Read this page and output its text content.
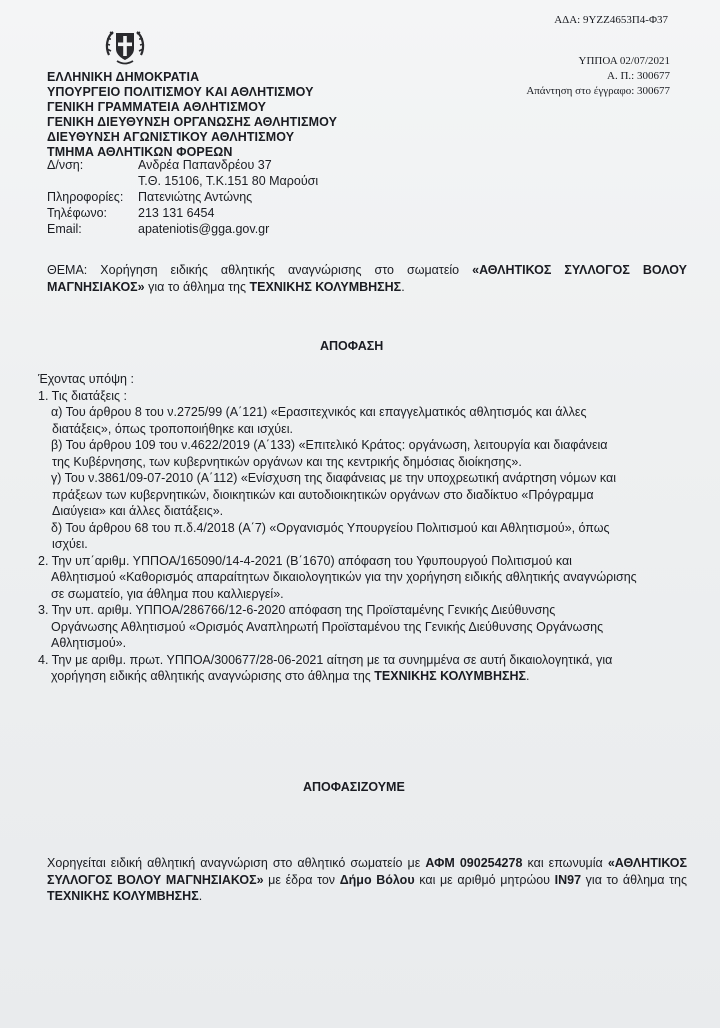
ΑΔΑ: 9ΥΖΖ4653Π4-Φ37
ΥΠΠΟΑ 02/07/2021
Α. Π.: 300677
Απάντηση στο έγγραφο: 300677
ΕΛΛΗΝΙΚΗ ΔΗΜΟΚΡΑΤΙΑ
ΥΠΟΥΡΓΕΙΟ ΠΟΛΙΤΙΣΜΟΥ ΚΑΙ ΑΘΛΗΤΙΣΜΟΥ
ΓΕΝΙΚΗ ΓΡΑΜΜΑΤΕΙΑ ΑΘΛΗΤΙΣΜΟΥ
ΓΕΝΙΚΗ ΔΙΕΥΘΥΝΣΗ ΟΡΓΑΝΩΣΗΣ ΑΘΛΗΤΙΣΜΟΥ
ΔΙΕΥΘΥΝΣΗ ΑΓΩΝΙΣΤΙΚΟΥ ΑΘΛΗΤΙΣΜΟΥ
ΤΜΗΜΑ ΑΘΛΗΤΙΚΩΝ ΦΟΡΕΩΝ
Δ/νση:	Ανδρέα Παπανδρέου 37
Τ.Θ. 15106, Τ.Κ.151 80 Μαρούσι
Πληροφορίες:	Πατενιώτης Αντώνης
Τηλέφωνο:	213 131 6454
Email:	apateniotis@gga.gov.gr
ΘΕΜΑ: Χορήγηση ειδικής αθλητικής αναγνώρισης στο σωματείο «ΑΘΛΗΤΙΚΟΣ ΣΥΛΛΟΓΟΣ ΒΟΛΟΥ ΜΑΓΝΗΣΙΑΚΟΣ» για το άθλημα της ΤΕΧΝΙΚΗΣ ΚΟΛΥΜΒΗΣΗΣ.
ΑΠΟΦΑΣΗ

Έχοντας υπόψη :

1. Τις διατάξεις :

α) Του άρθρου 8 του ν.2725/99 (Α΄121) «Ερασιτεχνικός και επαγγελματικός αθλητισμός και άλλες

διατάξεις», όπως τροποποιήθηκε και ισχύει.

β) Του άρθρου 109 του ν.4622/2019 (Α΄133) «Επιτελικό Κράτος: οργάνωση, λειτουργία και διαφάνεια

της Κυβέρνησης, των κυβερνητικών οργάνων και της κεντρικής δημόσιας διοίκησης».

γ) Του ν.3861/09-07-2010 (Α΄112) «Ενίσχυση της διαφάνειας με την υποχρεωτική ανάρτηση νόμων και

πράξεων των κυβερνητικών, διοικητικών και αυτοδιοικητικών οργάνων στο διαδίκτυο «Πρόγραμμα

Διαύγεια» και άλλες διατάξεις».

δ) Του άρθρου 68 του π.δ.4/2018 (Α΄7) «Οργανισμός Υπουργείου Πολιτισμού και Αθλητισμού», όπως

ισχύει.

2. Την υπ΄αριθμ. ΥΠΠΟΑ/165090/14-4-2021 (Β΄1670) απόφαση του Υφυπουργού Πολιτισμού και

Αθλητισμού «Καθορισμός απαραίτητων δικαιολογητικών για την χορήγηση ειδικής αθλητικής αναγνώρισης

σε σωματείο, για άθλημα που καλλιεργεί».

3. Την υπ. αριθμ. ΥΠΠΟΑ/286766/12-6-2020 απόφαση της Προϊσταμένης Γενικής Διεύθυνσης

Οργάνωσης Αθλητισμού «Ορισμός Αναπληρωτή Προϊσταμένου της Γενικής Διεύθυνσης Οργάνωσης

Αθλητισμού».

4. Την με αριθμ. πρωτ. ΥΠΠΟΑ/300677/28-06-2021 αίτηση με τα συνημμένα σε αυτή δικαιολογητικά, για

χορήγηση ειδικής αθλητικής αναγνώρισης στο άθλημα της ΤΕΧΝΙΚΗΣ ΚΟΛΥΜΒΗΣΗΣ.

ΑΠΟΦΑΣΙΖΟΥΜΕ
Χορηγείται ειδική αθλητική αναγνώριση στο αθλητικό σωματείο με ΑΦΜ 090254278 και επωνυμία «ΑΘΛΗΤΙΚΟΣ ΣΥΛΛΟΓΟΣ ΒΟΛΟΥ ΜΑΓΝΗΣΙΑΚΟΣ» με έδρα τον Δήμο Βόλου και με αριθμό μητρώου IN97 για το άθλημα της ΤΕΧΝΙΚΗΣ ΚΟΛΥΜΒΗΣΗΣ.
